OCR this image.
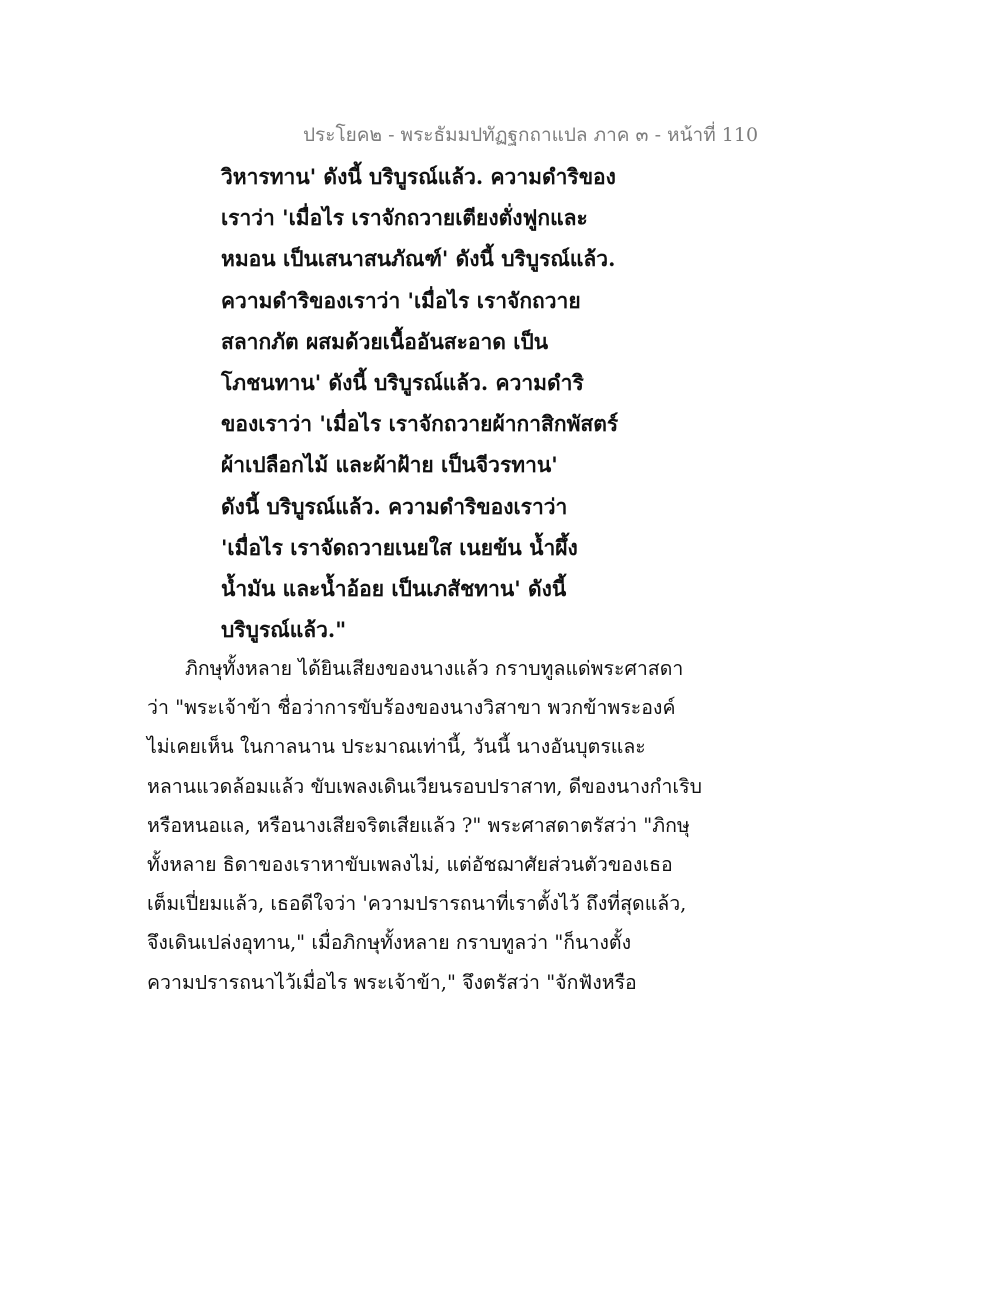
ประโยค๒ - พระธัมมปทัฏฐกถาแปล ภาค ๓ - หน้าที่ 110
วิหารทาน' ดังนี้ บริบูรณ์แล้ว. ความดำริของ
เราว่า 'เมื่อไร เราจักถวายเตียงตั่งฟูกและ
หมอน เป็นเสนาสนภัณฑ์' ดังนี้ บริบูรณ์แล้ว.
ความดำริของเราว่า 'เมื่อไร เราจักถวาย
สลากภัต ผสมด้วยเนื้ออันสะอาด เป็น
โภชนทาน' ดังนี้ บริบูรณ์แล้ว. ความดำริ
ของเราว่า 'เมื่อไร เราจักถวายผ้ากาสิกพัสตร์
ผ้าเปลือกไม้ และผ้าฝ้าย เป็นจีวรทาน'
ดังนี้ บริบูรณ์แล้ว. ความดำริของเราว่า
'เมื่อไร เราจัดถวายเนยใส เนยข้น น้ำผึ้ง
น้ำมัน และน้ำอ้อย เป็นเภสัชทาน' ดังนี้
บริบูรณ์แล้ว."
ภิกษุทั้งหลาย ได้ยินเสียงของนางแล้ว กราบทูลแด่พระศาสดา
ว่า "พระเจ้าข้า ชื่อว่าการขับร้องของนางวิสาขา พวกข้าพระองค์
ไม่เคยเห็น ในกาลนาน ประมาณเท่านี้, วันนี้ นางอันบุตรและ
หลานแวดล้อมแล้ว ขับเพลงเดินเวียนรอบปราสาท, ดีของนางกำเริบ
หรือหนอแล, หรือนางเสียจริตเสียแล้ว ?" พระศาสดาตรัสว่า "ภิกษุ
ทั้งหลาย ธิดาของเราหาขับเพลงไม่, แต่อัชฌาศัยส่วนตัวของเธอ
เต็มเปี่ยมแล้ว, เธอดีใจว่า 'ความปรารถนาที่เราตั้งไว้ ถึงที่สุดแล้ว,
จึงเดินเปล่งอุทาน," เมื่อภิกษุทั้งหลาย กราบทูลว่า "ก็นางตั้ง
ความปรารถนาไว้เมื่อไร พระเจ้าข้า," จึงตรัสว่า "จักฟังหรือ
